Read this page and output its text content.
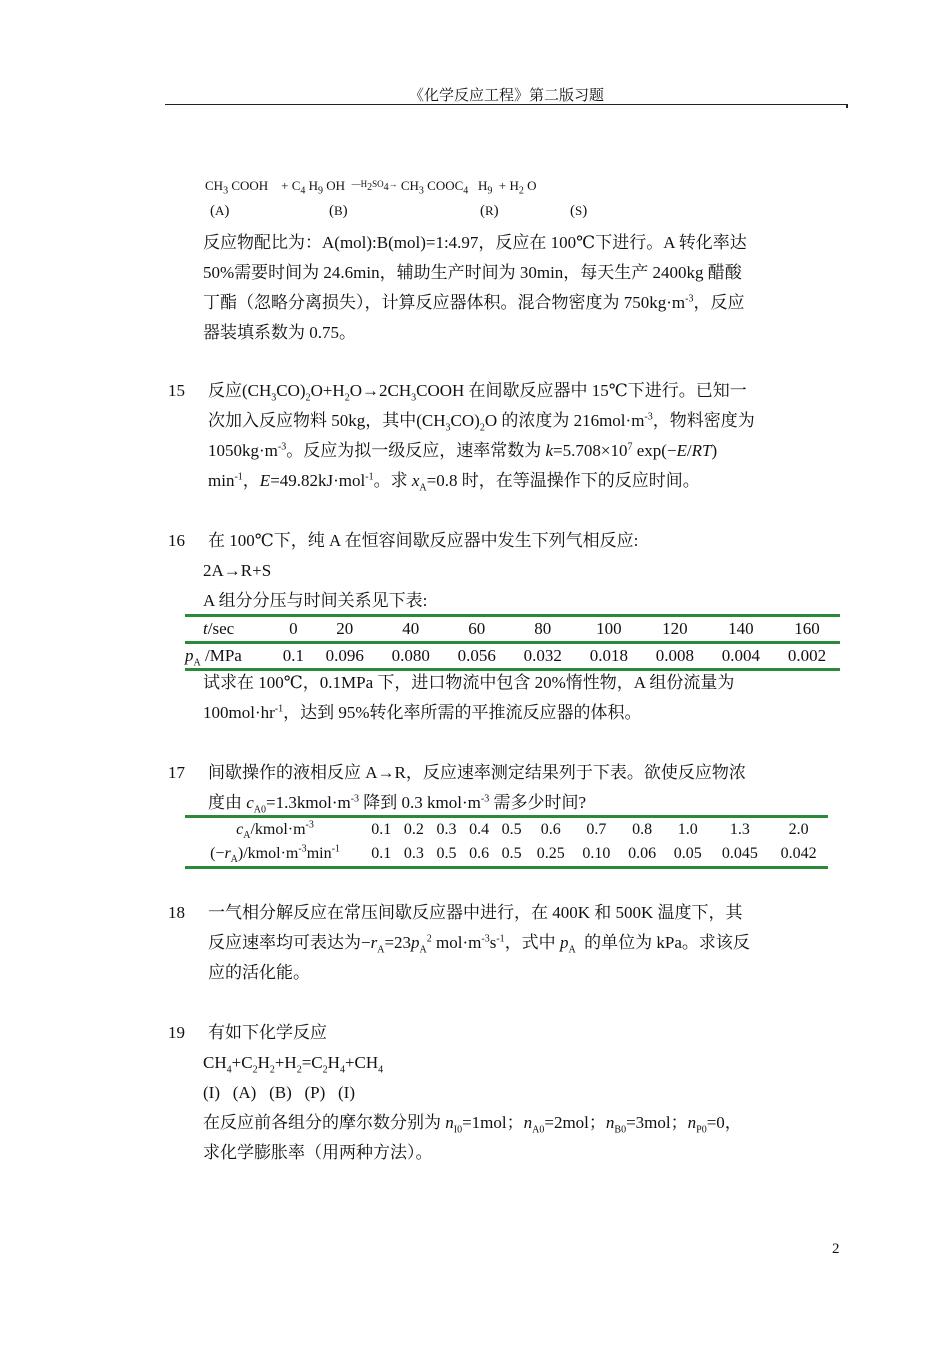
《化学反应工程》第二版习题
$CH_3$ COOH    + $C_4$ $H_9$ OH  $^{—H_2SO_4\to}$ $CH_3$ $COOC_4$   $H_9 + H_2$ O
(A)	(B)	(R)	(S)
反应物配比为：A(mol):B(mol)=1:4.97，反应在 100℃下进行。A 转化率达
50%需要时间为 24.6min，辅助生产时间为 30min，每天生产 2400kg 醋酸
丁酯（忽略分离损失），计算反应器体积。混合物密度为 $750kg\cdot m^{-3}$，反应
器装填系数为 0.75。
15 反应$(CH_3CO)_2O+H_2O\to 2CH_3COOH$ 在间歇反应器中 15℃下进行。已知一
次加入反应物料 50kg，其中$(CH_3CO)_2O$ 的浓度为 $216mol\cdot m^{-3}$，物料密度为
$1050kg\cdot m^{-3}$。反应为拟一级反应，速率常数为 $k=5.708\times 10^7$ exp(−E/RT)
$\min^{-1}$，E=49.82kJ·mol$^{-1}$。求 $x_A=0.8$ 时，在等温操作下的反应时间。
16 在 100℃下，纯 A 在恒容间歇反应器中发生下列气相反应:
2A→R+S
A 组分分压与时间关系见下表:
t/sec	0	20	40	60	80	100	120	140	160
$p_A$ /MPa	0.1	0.096	0.080	0.056	0.032	0.018	0.008	0.004	0.002
试求在 100℃，0.1MPa 下，进口物流中包含 20%惰性物，A 组份流量为
$100mol\cdot hr^{-1}$，达到 95%转化率所需的平推流反应器的体积。
17 间歇操作的液相反应 A→R，反应速率测定结果列于下表。欲使反应物浓
度由 $c_{A0}=1.3kmol\cdot m^{-3}$ 降到 0.3 $kmol\cdot m^{-3}$ 需多少时间?
$c_A/kmol\cdot m^{-3}$	0.1	0.2	0.3	0.4	0.5	0.6	0.7	0.8	1.0	1.3	2.0
$(-r_A)/kmol\cdot m^{-3}\min^{-1}$	0.1	0.3	0.5	0.6	0.5	0.25	0.10	0.06	0.05	0.045	0.042
18 一气相分解反应在常压间歇反应器中进行，在 400K 和 500K 温度下，其
反应速率均可表达为$-r_A=23p_A^2$ $mol\cdot m^{-3}s^{-1}$，式中 $p_A$  的单位为 kPa。求该反
应的活化能。
19 有如下化学反应
$CH_4+C_2H_2+H_2=C_2H_4+CH_4$
(I)   (A)   (B)   (P)   (I)
在反应前各组分的摩尔数分别为 $n_{I0}=1mol$；$n_{A0}=2mol$；$n_{B0}=3mol$；$n_{P0}=0$，
求化学膨胀率（用两种方法）。
2
